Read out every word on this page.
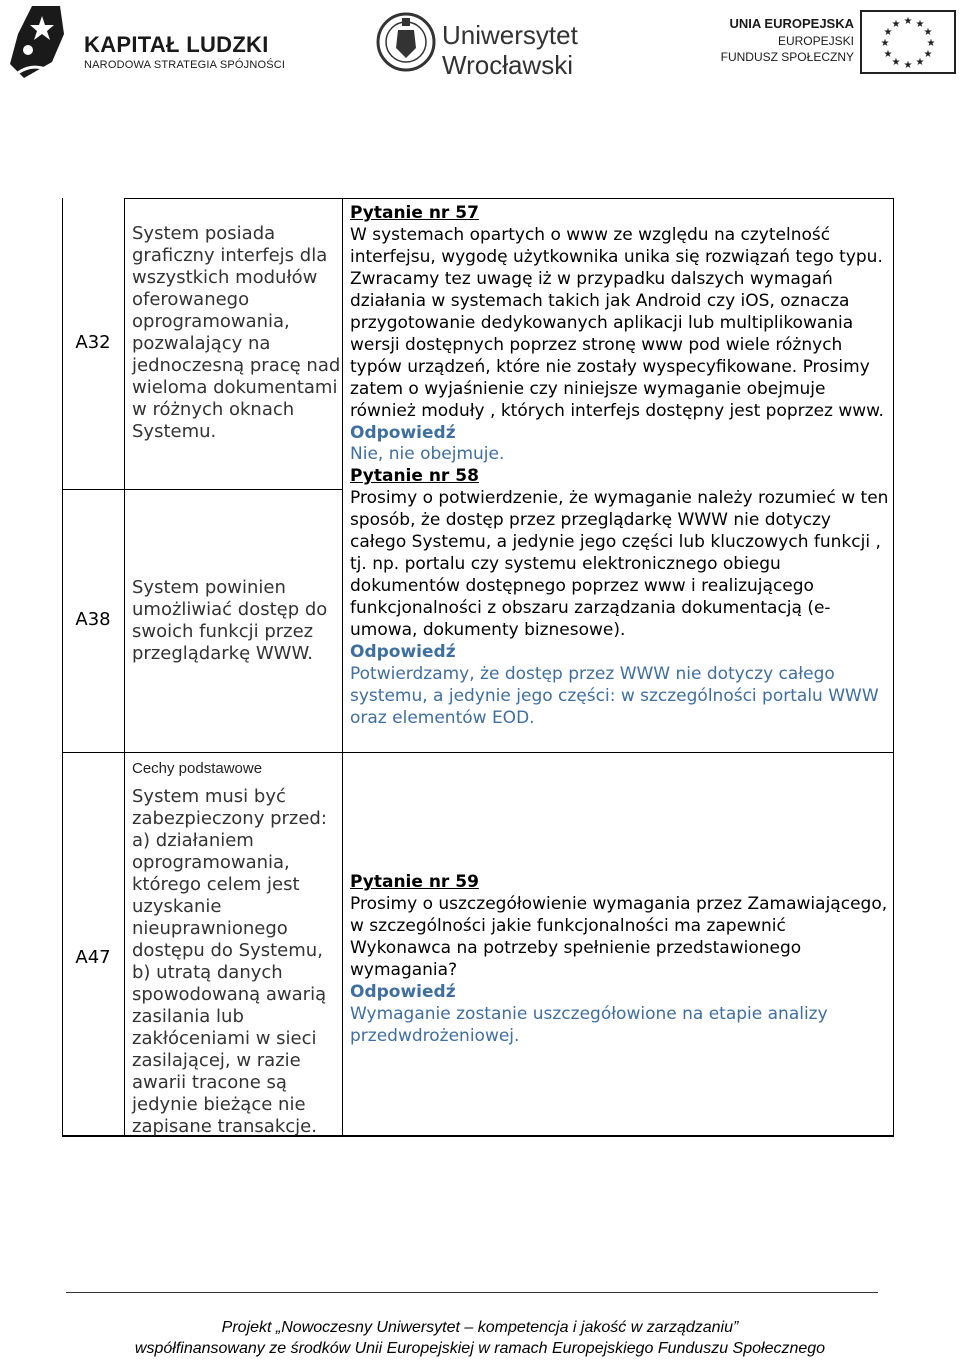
KAPITAŁ LUDZKI
NARODOWA STRATEGIA SPÓJNOŚCI
Uniwersytet
Wrocławski
UNIA EUROPEJSKA
EUROPEJSKI
FUNDUSZ SPOŁECZNY
★ ★
★
★
★
★
★
★
★
★
★
★
A32
System posiada graficzny interfejs dla wszystkich modułów oferowanego oprogramowania, pozwalający na jednoczesną pracę nad wieloma dokumentami w różnych oknach Systemu.
A38
System powinien umożliwiać dostęp do swoich funkcji przez przeglądarkę WWW.
A47
Cechy podstawowe
System musi być zabezpieczony przed: a) działaniem oprogramowania, którego celem jest uzyskanie nieuprawnionego dostępu do Systemu, b) utratą danych spowodowaną awarią zasilania lub zakłóceniami w sieci zasilającej, w razie awarii tracone są jedynie bieżące nie zapisane transakcje.
Pytanie nr 57
W systemach opartych o www ze względu na czytelność interfejsu, wygodę użytkownika unika się rozwiązań tego typu. Zwracamy tez uwagę iż w przypadku dalszych wymagań działania w systemach takich jak Android czy iOS, oznacza przygotowanie dedykowanych aplikacji lub multiplikowania wersji dostępnych poprzez stronę www pod wiele różnych typów urządzeń, które nie zostały wyspecyfikowane. Prosimy zatem o wyjaśnienie czy niniejsze wymaganie obejmuje również moduły , których interfejs dostępny jest poprzez www.
Odpowiedź
Nie, nie obejmuje.
Pytanie nr 58
Prosimy o potwierdzenie, że wymaganie należy rozumieć w ten sposób, że dostęp przez przeglądarkę WWW nie dotyczy całego Systemu, a jedynie jego części lub kluczowych funkcji , tj. np. portalu czy systemu elektronicznego obiegu dokumentów dostępnego poprzez www i realizującego funkcjonalności z obszaru zarządzania dokumentacją (e-umowa, dokumenty biznesowe).
Odpowiedź
Potwierdzamy, że dostęp przez WWW nie dotyczy całego systemu, a jedynie jego części: w szczególności portalu WWW oraz elementów EOD.
Pytanie nr 59
Prosimy o uszczegółowienie wymagania przez Zamawiającego, w szczególności jakie funkcjonalności ma zapewnić Wykonawca na potrzeby spełnienie przedstawionego wymagania?
Odpowiedź
Wymaganie zostanie uszczegółowione na etapie analizy przedwdrożeniowej.
Projekt „Nowoczesny Uniwersytet – kompetencja i jakość w zarządzaniu”
współfinansowany ze środków Unii Europejskiej w ramach Europejskiego Funduszu Społecznego
